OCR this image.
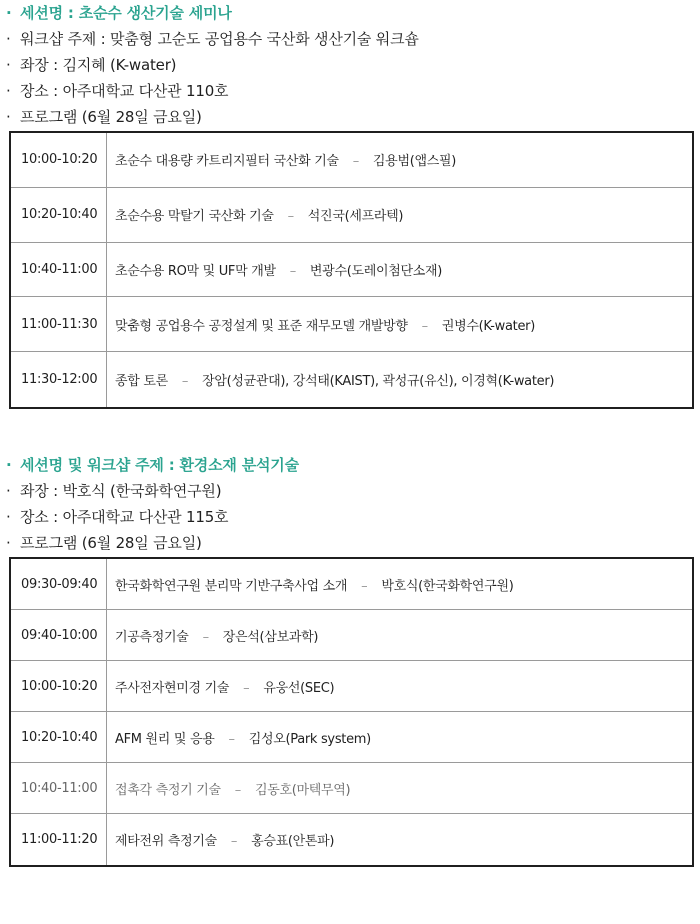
· 세션명 : 초순수 생산기술 세미나
· 워크샵 주제 : 맞춤형 고순도 공업용수 국산화 생산기술 워크숍
· 좌장 : 김지혜 (K-water)
· 장소 : 아주대학교 다산관 110호
· 프로그램 (6월 28일 금요일)
10:00-10:20	초순수 대용량 카트리지필터 국산화 기술 – 김용범(앱스필)
10:20-10:40	초순수용 막탈기 국산화 기술 – 석진국(세프라텍)
10:40-11:00	초순수용 RO막 및 UF막 개발 – 변광수(도레이첨단소재)
11:00-11:30	맞춤형 공업용수 공정설계 및 표준 재무모델 개발방향 – 권병수(K-water)
11:30-12:00	종합 토론 – 장암(성균관대), 강석태(KAIST), 곽성규(유신), 이경혁(K-water)
· 세션명 및 워크샵 주제 : 환경소재 분석기술
· 좌장 : 박호식 (한국화학연구원)
· 장소 : 아주대학교 다산관 115호
· 프로그램 (6월 28일 금요일)
09:30-09:40	한국화학연구원 분리막 기반구축사업 소개 – 박호식(한국화학연구원)
09:40-10:00	기공측정기술 – 장은석(삼보과학)
10:00-10:20	주사전자현미경 기술 – 유웅선(SEC)
10:20-10:40	AFM 원리 및 응용 – 김성오(Park system)
10:40-11:00	접촉각 측정기 기술 – 김동호(마텍무역)
11:00-11:20	제타전위 측정기술 – 홍승표(안톤파)
